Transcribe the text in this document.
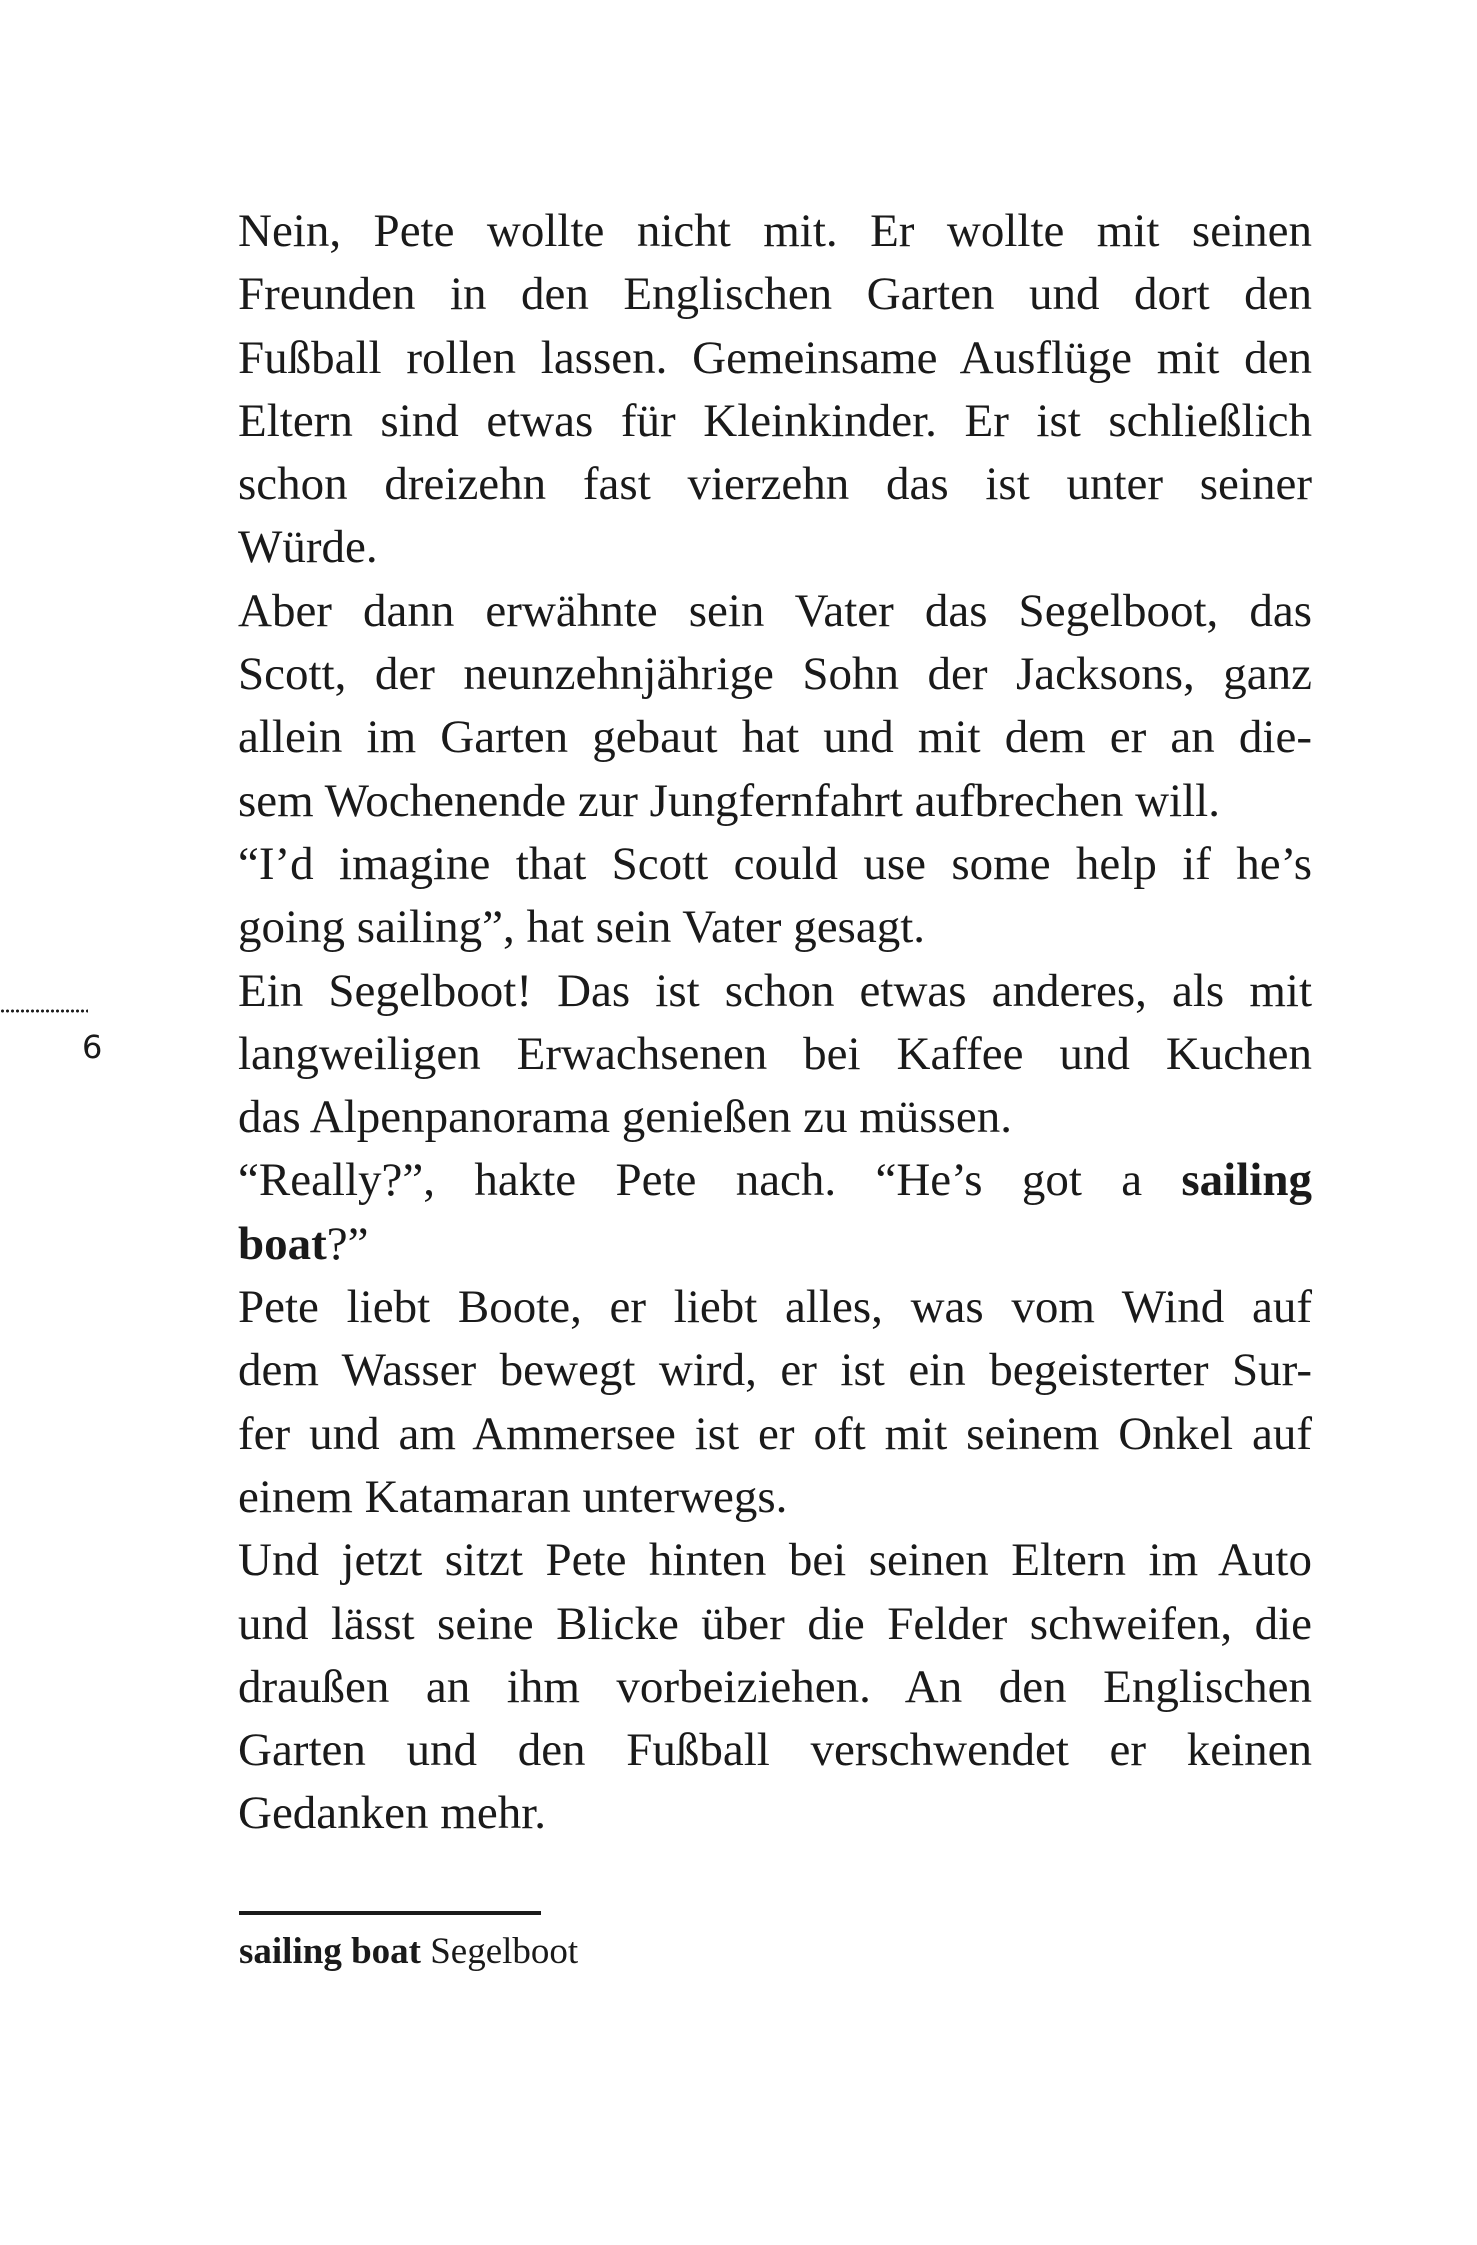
6
Nein, Pete wollte nicht mit. Er wollte mit seinen
Freunden in den Englischen Garten und dort den
Fußball rollen lassen. Gemeinsame Ausflüge mit den
Eltern sind etwas für Kleinkinder. Er ist schließlich
schon dreizehn fast vierzehn das ist unter seiner
Würde.
Aber dann erwähnte sein Vater das Segelboot, das
Scott, der neunzehnjährige Sohn der Jacksons, ganz
allein im Garten gebaut hat und mit dem er an die-
sem Wochenende zur Jungfernfahrt aufbrechen will.
“I’d imagine that Scott could use some help if he’s
going sailing”, hat sein Vater gesagt.
Ein Segelboot! Das ist schon etwas anderes, als mit
langweiligen Erwachsenen bei Kaffee und Kuchen
das Alpenpanorama genießen zu müssen.
“Really?”, hakte Pete nach. “He’s got a sailing
boat?”
Pete liebt Boote, er liebt alles, was vom Wind auf
dem Wasser bewegt wird, er ist ein begeisterter Sur-
fer und am Ammersee ist er oft mit seinem Onkel auf
einem Katamaran unterwegs.
Und jetzt sitzt Pete hinten bei seinen Eltern im Auto
und lässt seine Blicke über die Felder schweifen, die
draußen an ihm vorbeiziehen. An den Englischen
Garten und den Fußball verschwendet er keinen
Gedanken mehr.
sailing boat Segelboot
